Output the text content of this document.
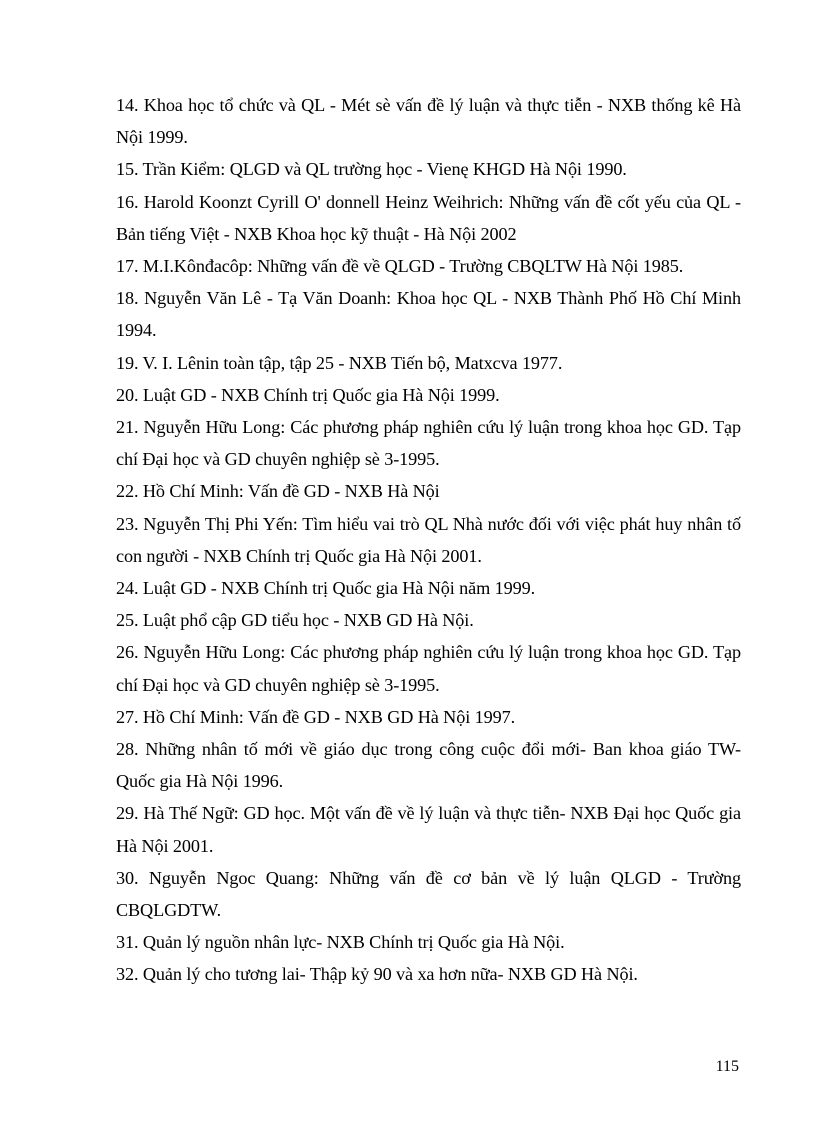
14. Khoa học tổ chức và QL - Mét sè vấn đề lý luận và thực tiễn - NXB thống kê Hà Nội 1999.

15. Trần Kiểm: QLGD và QL trường học - Vienę KHGD Hà Nội 1990.

16. Harold Koonzt Cyrill O' donnell Heinz Weihrich: Những vấn đề cốt yếu của QL - Bản tiếng Việt - NXB Khoa học kỹ thuật - Hà Nội 2002

17. M.I.Kônđacôp: Những vấn đề về QLGD - Trường CBQLTW Hà Nội 1985.

18. Nguyễn Văn Lê - Tạ Văn Doanh: Khoa học QL - NXB Thành Phố Hồ Chí Minh 1994.

19. V. I. Lênin toàn tập, tập 25 - NXB Tiến bộ, Matxcva 1977.

20. Luật GD - NXB Chính trị Quốc gia Hà Nội 1999.

21. Nguyễn Hữu Long: Các phương pháp nghiên cứu lý luận trong khoa học GD. Tạp chí Đại học và GD chuyên nghiệp sè 3-1995.

22. Hồ Chí Minh: Vấn đề GD - NXB Hà Nội

23. Nguyễn Thị Phi Yến: Tìm hiểu vai trò QL Nhà nước đối với việc phát huy nhân tố con người - NXB Chính trị Quốc gia Hà Nội 2001.

24. Luật GD - NXB Chính trị Quốc gia Hà Nội năm 1999.

25. Luật phổ cập GD tiểu học - NXB GD Hà Nội.

26. Nguyễn Hữu Long: Các phương pháp nghiên cứu lý luận trong khoa học GD. Tạp chí Đại học và GD chuyên nghiệp sè 3-1995.

27. Hồ Chí Minh: Vấn đề GD - NXB GD Hà Nội 1997.

28. Những nhân tố mới về giáo dục trong công cuộc đổi mới- Ban khoa giáo TW- Quốc gia Hà Nội 1996.

29. Hà Thế Ngữ: GD học. Một vấn đề về lý luận và thực tiễn- NXB Đại học Quốc gia Hà Nội 2001.

30. Nguyễn Ngoc Quang: Những vấn đề cơ bản về lý luận QLGD - Trường CBQLGDTW.

31. Quản lý nguồn nhân lực- NXB Chính trị Quốc gia Hà Nội.

32. Quản lý cho tương lai- Thập kỷ 90 và xa hơn nữa- NXB GD Hà Nội.

115
